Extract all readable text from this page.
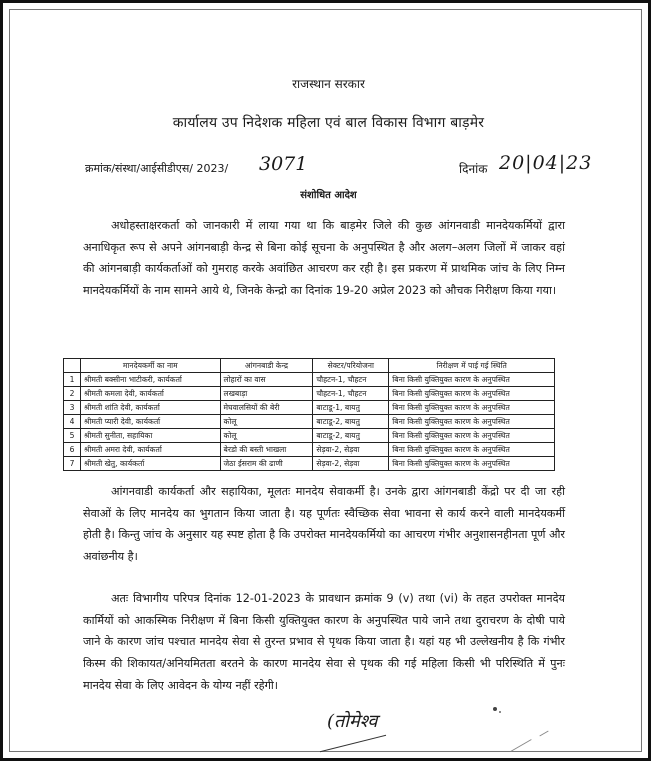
राजस्थान सरकार
कार्यालय उप निदेशक महिला एवं बाल विकास विभाग बाड़मेर
क्रमांक/संस्था/आईसीडीएस/ 2023/ 3071	दिनांक 20|04|23
संशोधित आदेश
अधोहस्ताक्षरकर्ता को जानकारी में लाया गया था कि बाड़मेर जिले की कुछ आंगनवाडी मानदेयकर्मियों द्वारा अनाधिकृत रूप से अपने आंगनबाड़ी केन्द्र से बिना कोई सूचना के अनुपस्थित है और अलग–अलग जिलों में जाकर वहां की आंगनबाड़ी कार्यकर्ताओं को गुमराह करके अवांछित आचरण कर रही है। इस प्रकरण में प्राथमिक जांच के लिए निम्न मानदेयकर्मियों के नाम सामने आये थे, जिनके केन्द्रो का दिनांक 19-20 अप्रेल 2023 को औचक निरीक्षण किया गया।
	मानदेयकर्मी का नाम	आंगनबाडी केन्द्र	सेक्टर/परियोजना	निरीक्षण में पाई गई स्थिति
1	श्रीमती बक्सीना भाटीकरी, कार्यकर्ता	लोहारों का वास	चौहटन-1, चौहटन	बिना किसी युक्तियुक्त कारण के अनुपस्थित
2	श्रीमती कमला देवी, कार्यकर्ता	लखबाड़ा	चौहटन-1, चौहटन	बिना किसी युक्तियुक्त कारण के अनुपस्थित
3	श्रीमती शांति देवी, कार्यकर्ता	मेघवालसियों की बेरी	बाटाडू-1, बायतु	बिना किसी युक्तियुक्त कारण के अनुपस्थित
4	श्रीमती प्यारी देवी, कार्यकर्ता	कोलू	बाटाडू-2, बायतु	बिना किसी युक्तियुक्त कारण के अनुपस्थित
5	श्रीमती सुनीता, सहायिका	कोलू	बाटाडू-2, बायतु	बिना किसी युक्तियुक्त कारण के अनुपस्थित
6	श्रीमती अमरा देवी, कार्यकर्ता	बेरडो की बस्ती भाखला	सेड़वा-2, सेड़वा	बिना किसी युक्तियुक्त कारण के अनुपस्थित
7	श्रीमती खेतु, कार्यकर्ता	जेठा ईसराम की ढाणी	सेड़वा-2, सेड़वा	बिना किसी युक्तियुक्त कारण के अनुपस्थित
आंगनवाडी कार्यकर्ता और सहायिका, मूलतः मानदेय सेवाकर्मी है। उनके द्वारा आंगनबाडी केंद्रो पर दी जा रही सेवाओं के लिए मानदेय का भुगतान किया जाता है। यह पूर्णतः स्वैच्छिक सेवा भावना से कार्य करने वाली मानदेयकर्मी होती है। किन्तु जांच के अनुसार यह स्पष्ट होता है कि उपरोक्त मानदेयकर्मियो का आचरण गंभीर अनुशासनहीनता पूर्ण और अवांछनीय है।
अतः विभागीय परिपत्र दिनांक 12-01-2023 के प्रावधान क्रमांक 9 (v) तथा (vi) के तहत उपरोक्त मानदेय कार्मियों को आकस्मिक निरीक्षण में बिना किसी युक्तियुक्त कारण के अनुपस्थित पाये जाने तथा दुराचरण के दोषी पाये जाने के कारण जांच पश्चात मानदेय सेवा से तुरन्त प्रभाव से पृथक किया जाता है। यहां यह भी उल्लेखनीय है कि गंभीर किस्म की शिकायत/अनियमितता बरतने के कारण मानदेय सेवा से पृथक की गई महिला किसी भी परिस्थिति में पुनः मानदेय सेवा के लिए आवेदन के योग्य नहीं रहेगी।
(तोमेश्व
